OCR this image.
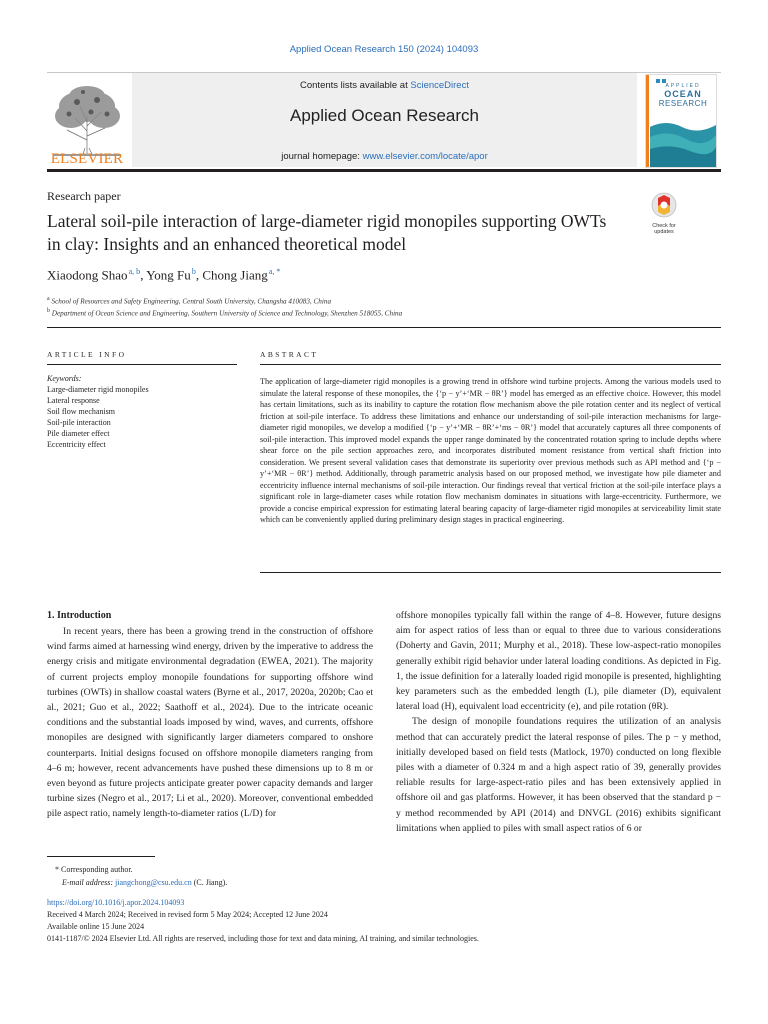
Applied Ocean Research 150 (2024) 104093
ELSEVIER
Contents lists available at ScienceDirect
Applied Ocean Research
journal homepage: www.elsevier.com/locate/apor
APPLIED
OCEAN
RESEARCH
Research paper
Lateral soil-pile interaction of large-diameter rigid monopiles supporting OWTs in clay: Insights and an enhanced theoretical model
Check for
updates
Xiaodong Shao $^{a, b}$, Yong Fu $^b$, Chong Jiang $^{a, *}$
$^a$ School of Resources and Safety Engineering, Central South University, Changsha 410083, China
$^b$ Department of Ocean Science and Engineering, Southern University of Science and Technology, Shenzhen 518055, China
ARTICLE INFO
Keywords:
Large-diameter rigid monopiles
Lateral response
Soil flow mechanism
Soil-pile interaction
Pile diameter effect
Eccentricity effect
ABSTRACT
The application of large-diameter rigid monopiles is a growing trend in offshore wind turbine projects. Among the various models used to simulate the lateral response of these monopiles, the {‘p − y’+‘MR − θR’} model has emerged as an effective choice. However, this model has certain limitations, such as its inability to capture the rotation flow mechanism above the pile rotation center and its neglect of vertical friction at soil-pile interface. To address these limitations and enhance our understanding of soil-pile interaction mechanisms for large-diameter rigid monopiles, we develop a modified {‘p − y’+‘MR − θR’+‘ms − θR’} model that accurately captures all three components of soil-pile interaction. This improved model expands the upper range dominated by the concentrated rotation spring to include depths where shear force on the pile section approaches zero, and incorporates distributed moment resistance from vertical shaft friction into consideration. We present several validation cases that demonstrate its superiority over previous methods such as API method and {‘p − y’+‘MR − θR’} method. Additionally, through parametric analysis based on our proposed method, we investigate how pile diameter and eccentricity influence internal mechanisms of soil-pile interaction. Our findings reveal that vertical friction at the soil-pile interface plays a significant role in large-diameter cases while rotation flow mechanism dominates in situations with large-eccentricity. Furthermore, we provide a concise empirical expression for estimating lateral bearing capacity of large-diameter rigid monopiles at serviceability limit state which can be conveniently applied during preliminary design stages in practical engineering.
1. Introduction

In recent years, there has been a growing trend in the construction of offshore wind farms aimed at harnessing wind energy, driven by the imperative to address the energy crisis and mitigate environmental degradation (EWEA, 2021). The majority of current projects employ monopile foundations for supporting offshore wind turbines (OWTs) in shallow coastal waters (Byrne et al., 2017, 2020a, 2020b; Cao et al., 2021; Guo et al., 2022; Saathoff et al., 2024). Due to the intricate oceanic conditions and the substantial loads imposed by wind, waves, and currents, offshore monopiles are designed with significantly larger diameters compared to onshore counterparts. Initial designs focused on offshore monopile diameters ranging from 4–6 m; however, recent advancements have pushed these dimensions up to 8 m or even beyond as future projects anticipate greater power capacity demands and larger turbine sizes (Negro et al., 2017; Li et al., 2020). Moreover, conventional embedded pile aspect ratio, namely length-to-diameter ratios (L/D) for

offshore monopiles typically fall within the range of 4–8. However, future designs aim for aspect ratios of less than or equal to three due to various considerations (Doherty and Gavin, 2011; Murphy et al., 2018). These low-aspect-ratio monopiles generally exhibit rigid behavior under lateral loading conditions. As depicted in Fig. 1, the issue definition for a laterally loaded rigid monopile is presented, highlighting key parameters such as the embedded length (L), pile diameter (D), equivalent lateral load (H), equivalent load eccentricity (e), and pile rotation (θR).

The design of monopile foundations requires the utilization of an analysis method that can accurately predict the lateral response of piles. The p − y method, initially developed based on field tests (Matlock, 1970) conducted on long flexible piles with a diameter of 0.324 m and a high aspect ratio of 39, generally provides reliable results for large-aspect-ratio piles and has been extensively applied in offshore oil and gas platforms. However, it has been observed that the standard p − y method recommended by API (2014) and DNVGL (2016) exhibits significant limitations when applied to piles with small aspect ratios of 6 or

* Corresponding author.
E-mail address: jiangchong@csu.edu.cn (C. Jiang).
https://doi.org/10.1016/j.apor.2024.104093
Received 4 March 2024; Received in revised form 5 May 2024; Accepted 12 June 2024
Available online 15 June 2024
0141-1187/© 2024 Elsevier Ltd. All rights are reserved, including those for text and data mining, AI training, and similar technologies.
